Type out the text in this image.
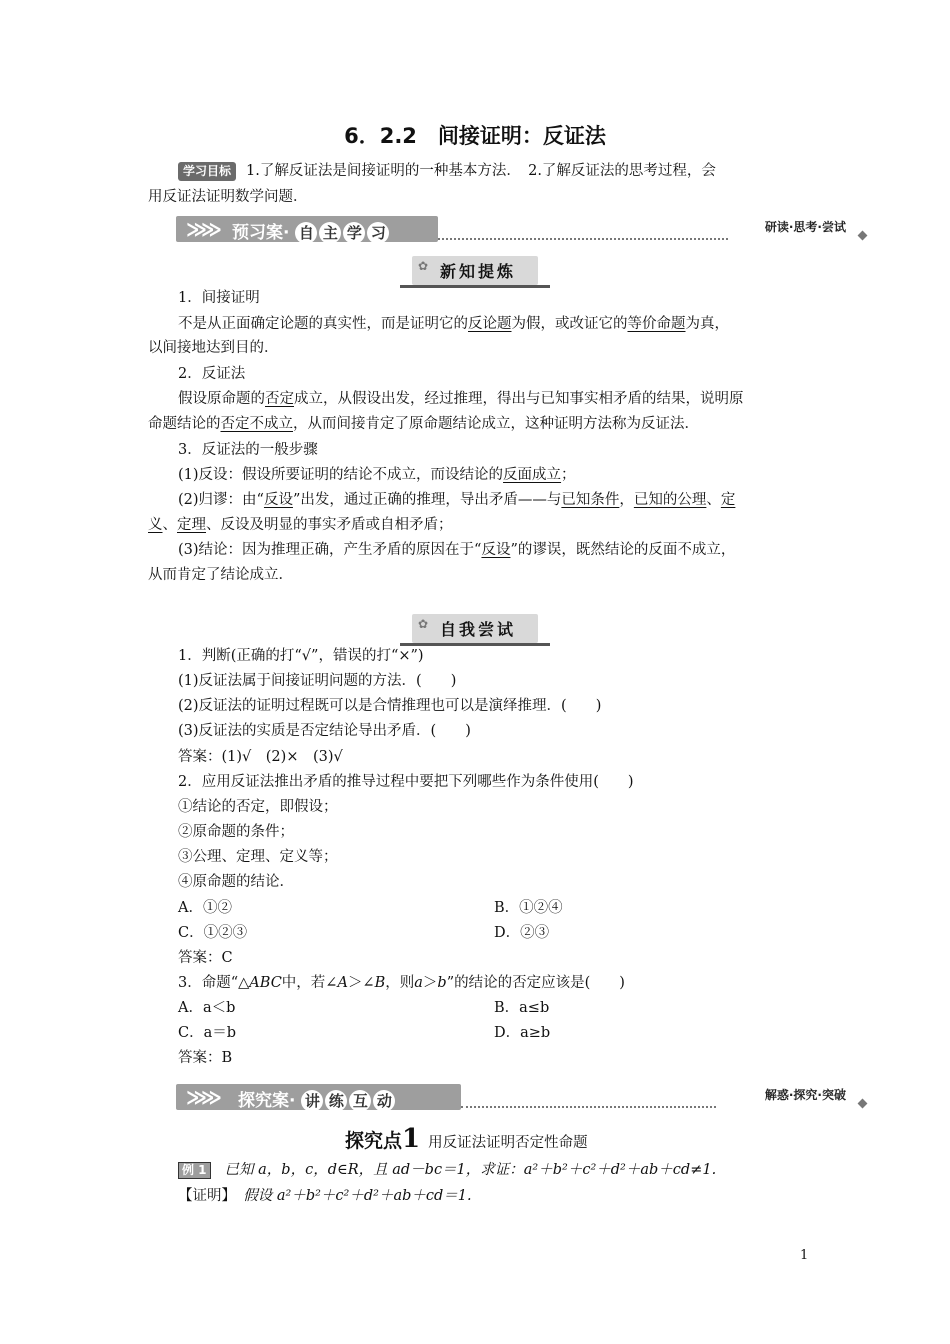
6．2.2　间接证明：反证法
学习目标 1.了解反证法是间接证明的一种基本方法．　2.了解反证法的思考过程，会
用反证法证明数学问题．
≫≫ 预习案· 自 主 学 习	研读·思考·尝试
✿ 新知提炼
1．间接证明
不是从正面确定论题的真实性，而是证明它的反论题为假，或改证它的等价命题为真，
以间接地达到目的．
2．反证法
假设原命题的否定成立，从假设出发，经过推理，得出与已知事实相矛盾的结果，说明原
命题结论的否定不成立，从而间接肯定了原命题结论成立，这种证明方法称为反证法．
3．反证法的一般步骤
(1)反设：假设所要证明的结论不成立，而设结论的反面成立；
(2)归谬：由“反设”出发，通过正确的推理，导出矛盾——与已知条件，已知的公理、定
义、定理、反设及明显的事实矛盾或自相矛盾；
(3)结论：因为推理正确，产生矛盾的原因在于“反设”的谬误，既然结论的反面不成立，
从而肯定了结论成立．
✿ 自我尝试
1．判断(正确的打“√”，错误的打“×”)
(1)反证法属于间接证明问题的方法．(　　)
(2)反证法的证明过程既可以是合情推理也可以是演绎推理．(　　)
(3)反证法的实质是否定结论导出矛盾．(　　)
答案：(1)√　(2)×　(3)√
2．应用反证法推出矛盾的推导过程中要把下列哪些作为条件使用(　　)
①结论的否定，即假设；
②原命题的条件；
③公理、定理、定义等；
④原命题的结论．
A．①②	B．①②④
C．①②③	D．②③
答案：C
3．命题“△ABC中，若∠A＞∠B，则a＞b”的结论的否定应该是(　　)
A．a＜b	B．a≤b
C．a＝b	D．a≥b
答案：B
≫≫ 探究案· 讲 练 互 动	解惑·探究·突破
探究点1 用反证法证明否定性命题
例 1 已知 a，b，c，d∈R，且 ad－bc＝1，求证：a²＋b²＋c²＋d²＋ab＋cd≠1.
【证明】　 假设 a²＋b²＋c²＋d²＋ab＋cd＝1.
1
